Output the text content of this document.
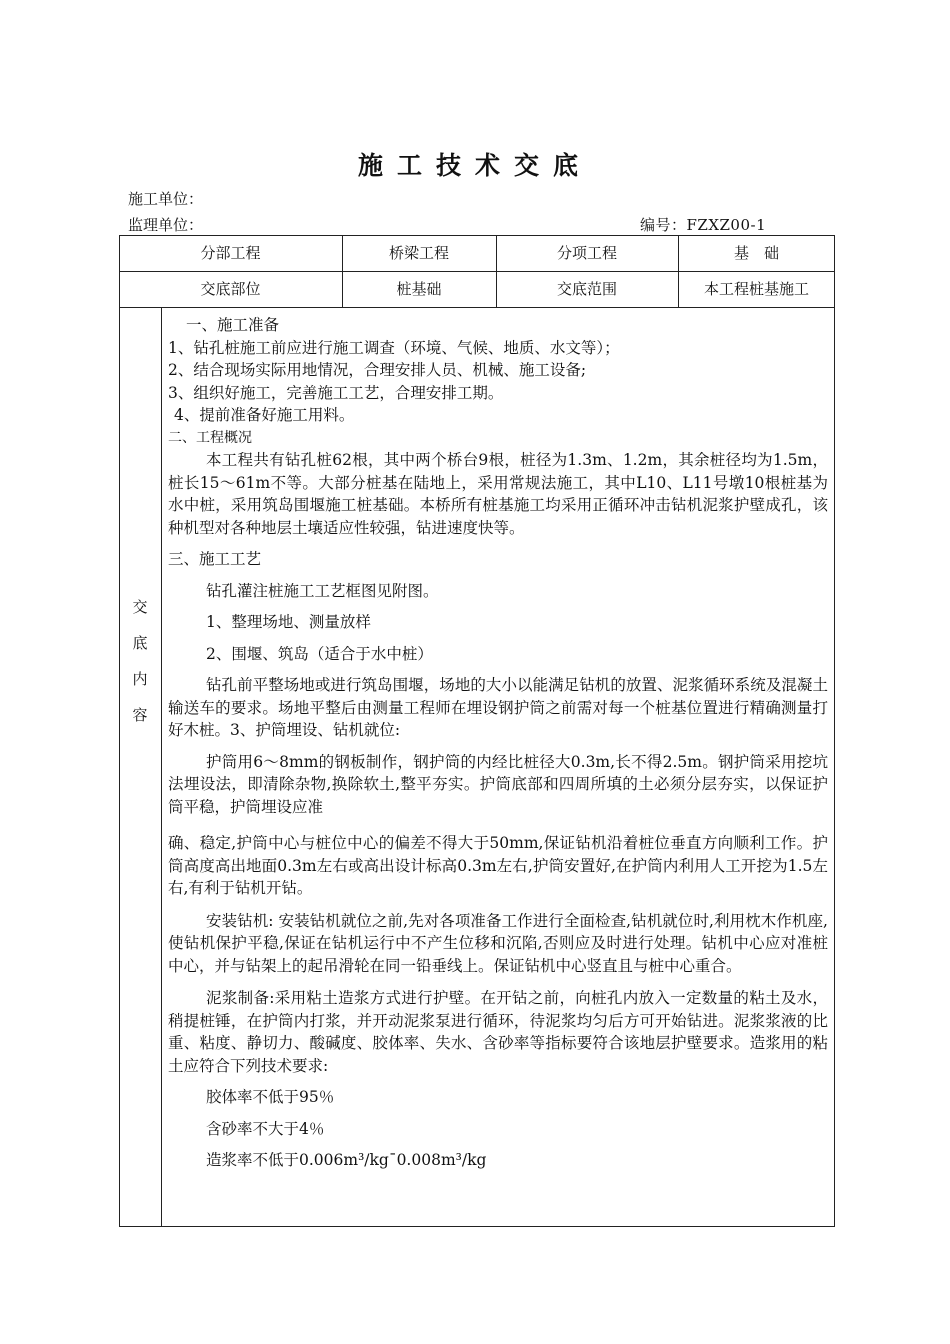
施工技术交底
施工单位：
监理单位：	编号：FZXZ00-1
分部工程	桥梁工程	分项工程	基　础
交底部位	桩基础	交底范围	本工程桩基施工
交
底
内
容

一、施工准备

1、钻孔桩施工前应进行施工调查（环境、气候、地质、水文等）；

2、结合现场实际用地情况，合理安排人员、机械、施工设备;

3、组织好施工，完善施工工艺，合理安排工期。

4、提前准备好施工用料。

二、工程概况

本工程共有钻孔桩62根，其中两个桥台9根，桩径为1.3m、1.2m，其余桩径均为1.5m，桩长15～61m不等。大部分桩基在陆地上，采用常规法施工，其中L10、L11号墩10根桩基为水中桩，采用筑岛围堰施工桩基础。本桥所有桩基施工均采用正循环冲击钻机泥浆护壁成孔，该种机型对各种地层土壤适应性较强，钻进速度快等。

三、施工工艺

钻孔灌注桩施工工艺框图见附图。

1、整理场地、测量放样

2、围堰、筑岛（适合于水中桩）

钻孔前平整场地或进行筑岛围堰，场地的大小以能满足钻机的放置、泥浆循环系统及混凝土输送车的要求。场地平整后由测量工程师在埋设钢护筒之前需对每一个桩基位置进行精确测量打好木桩。3、护筒埋设、钻机就位:

护筒用6～8mm的钢板制作，钢护筒的内经比桩径大0.3m,长不得2.5m。钢护筒采用挖坑法埋设法，即清除杂物,换除软土,整平夯实。护筒底部和四周所填的土必须分层夯实，以保证护筒平稳，护筒埋设应准

确、稳定,护筒中心与桩位中心的偏差不得大于50mm,保证钻机沿着桩位垂直方向顺利工作。护筒高度高出地面0.3m左右或高出设计标高0.3m左右,护筒安置好,在护筒内利用人工开挖为1.5左右,有利于钻机开钻。

安装钻机: 安装钻机就位之前,先对各项准备工作进行全面检查,钻机就位时,利用枕木作机座,使钻机保护平稳,保证在钻机运行中不产生位移和沉陷,否则应及时进行处理。钻机中心应对准桩中心，并与钻架上的起吊滑轮在同一铅垂线上。保证钻机中心竖直且与桩中心重合。

泥浆制备:采用粘土造浆方式进行护壁。在开钻之前，向桩孔内放入一定数量的粘土及水，稍提桩锤，在护筒内打浆，并开动泥浆泵进行循环，待泥浆均匀后方可开始钻进。泥浆浆液的比重、粘度、静切力、酸碱度、胶体率、失水、含砂率等指标要符合该地层护壁要求。造浆用的粘土应符合下列技术要求:

胶体率不低于95％

含砂率不大于4％

造浆率不低于0.006m³/kg¯0.008m³/kg
